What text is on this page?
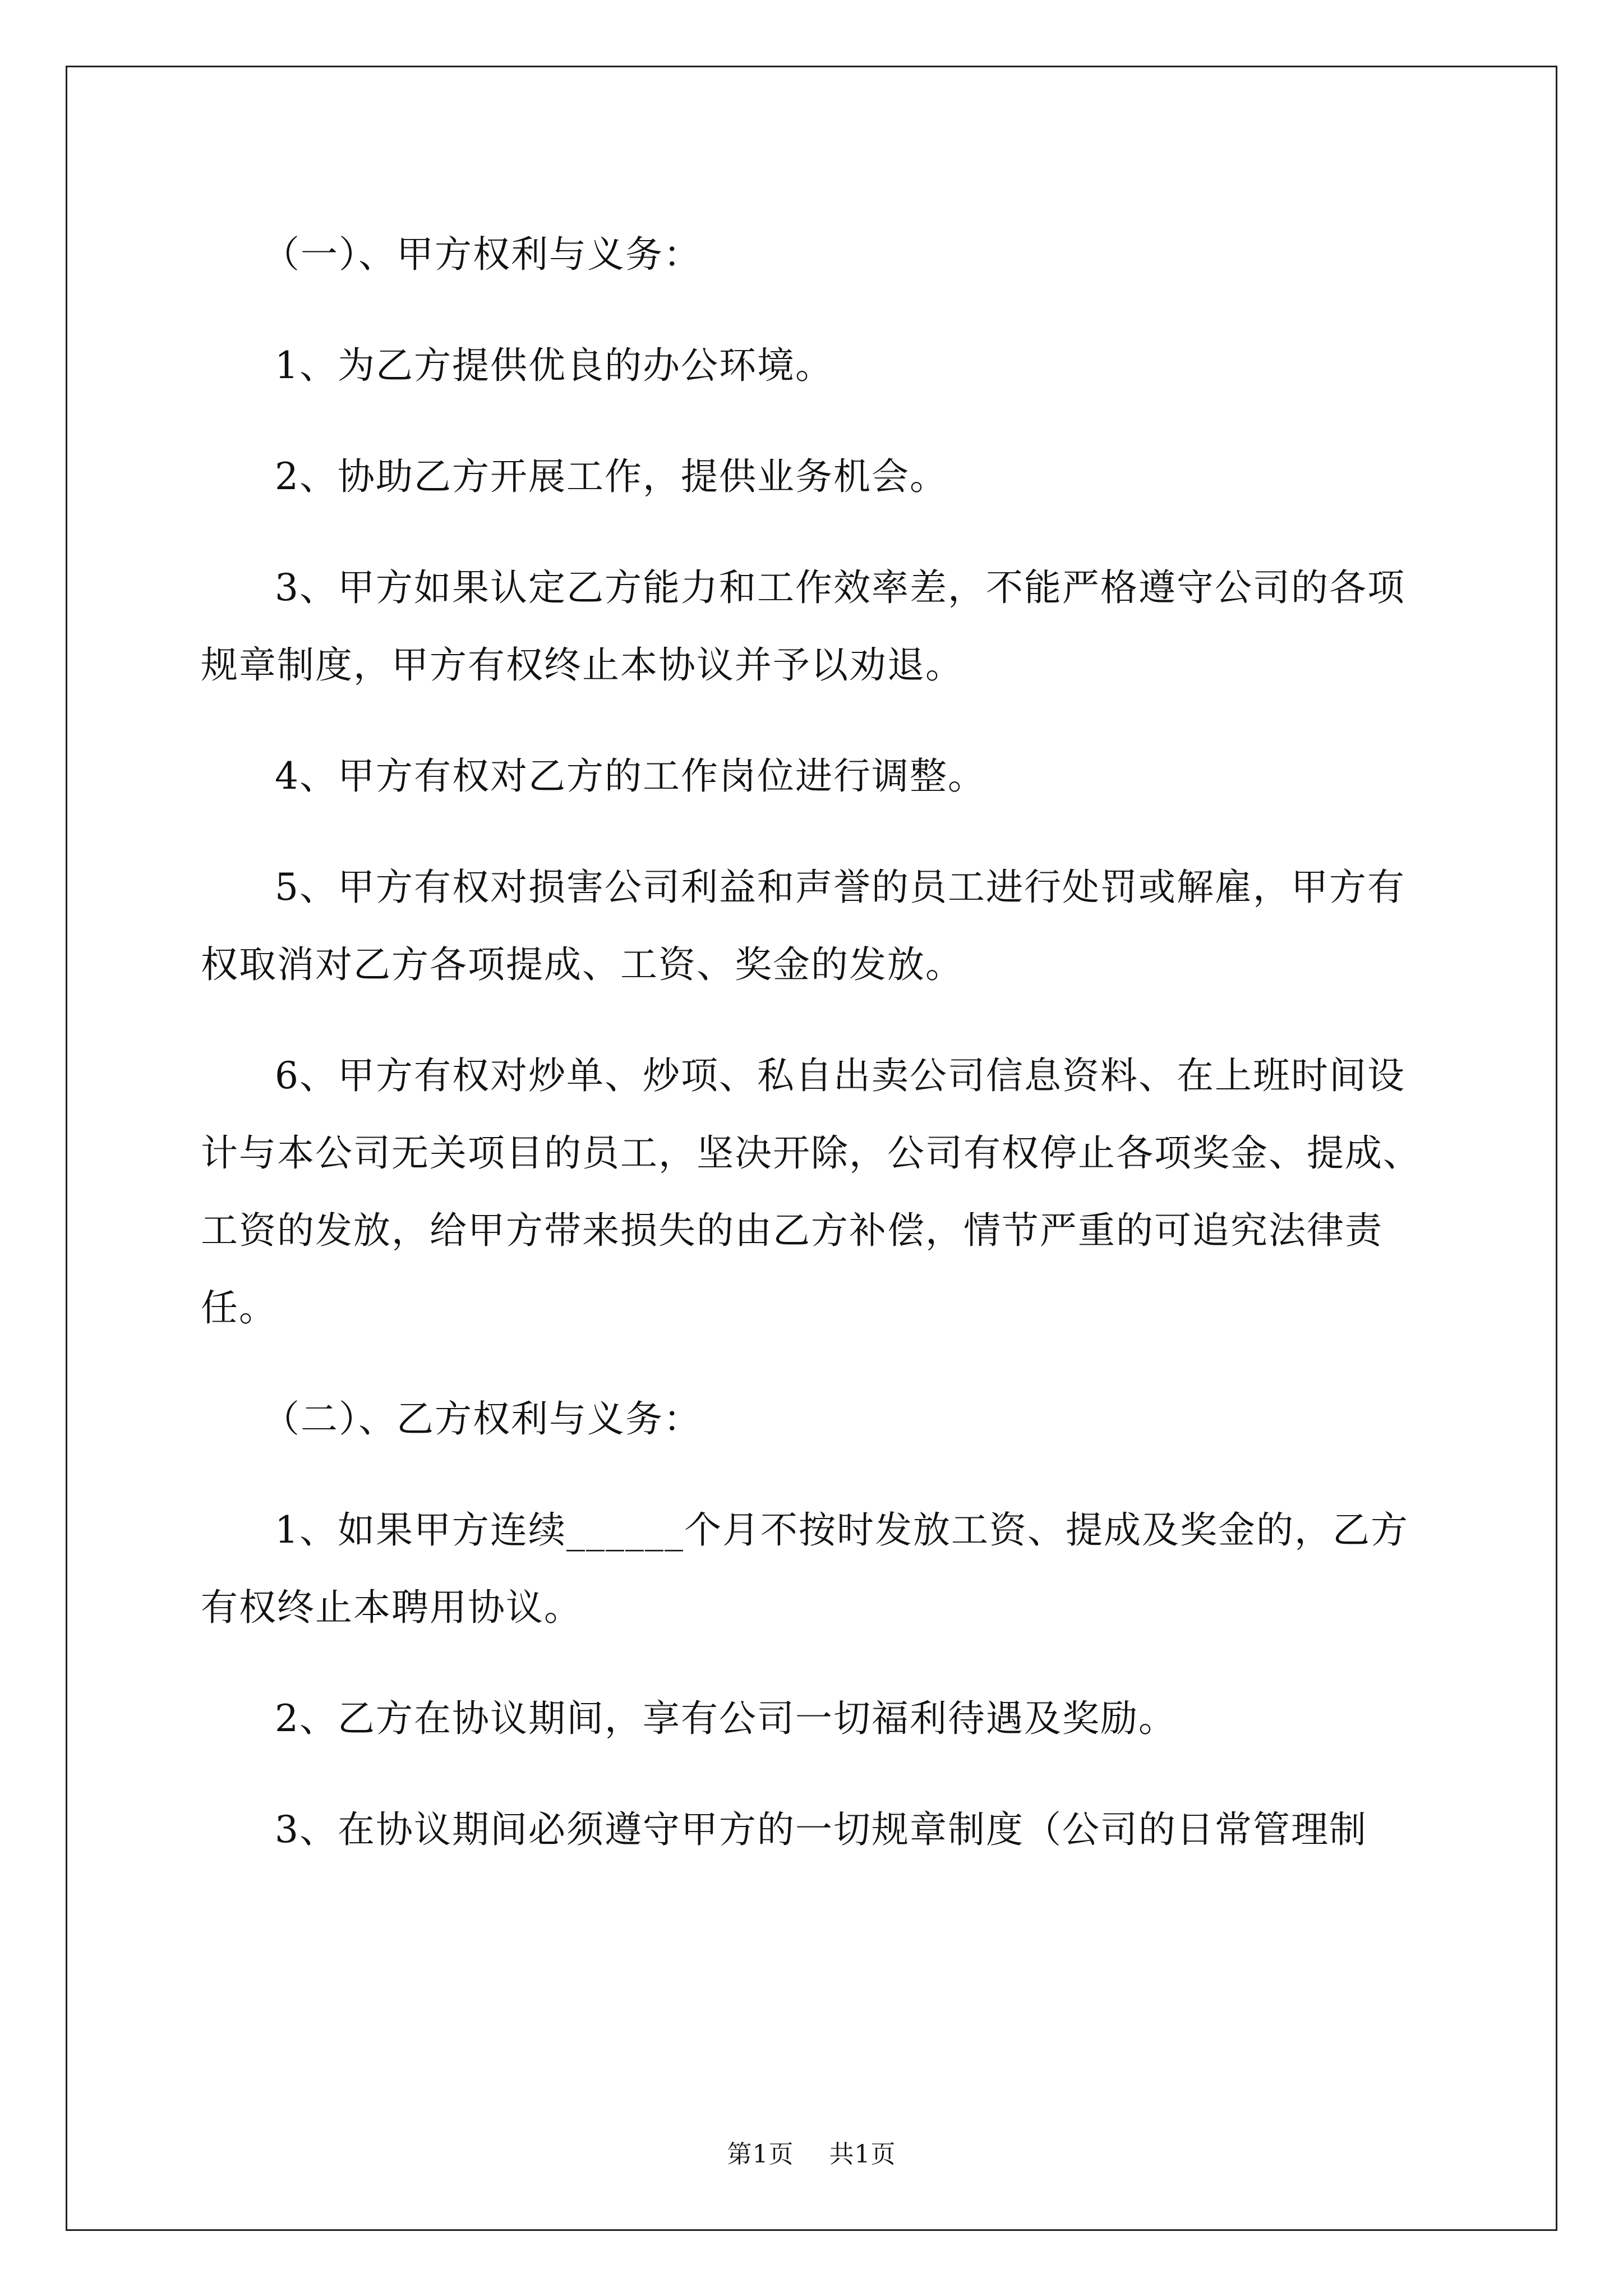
（一）、甲方权利与义务：

1、为乙方提供优良的办公环境。

2、协助乙方开展工作，提供业务机会。

3、甲方如果认定乙方能力和工作效率差，不能严格遵守公司的各项规章制度，甲方有权终止本协议并予以劝退。

4、甲方有权对乙方的工作岗位进行调整。

5、甲方有权对损害公司利益和声誉的员工进行处罚或解雇，甲方有权取消对乙方各项提成、工资、奖金的发放。

6、甲方有权对炒单、炒项、私自出卖公司信息资料、在上班时间设计与本公司无关项目的员工，坚决开除，公司有权停止各项奖金、提成、工资的发放，给甲方带来损失的由乙方补偿，情节严重的可追究法律责任。

（二）、乙方权利与义务：

1、如果甲方连续______个月不按时发放工资、提成及奖金的，乙方有权终止本聘用协议。

2、乙方在协议期间，享有公司一切福利待遇及奖励。

3、在协议期间必须遵守甲方的一切规章制度（公司的日常管理制

第1页 共1页
